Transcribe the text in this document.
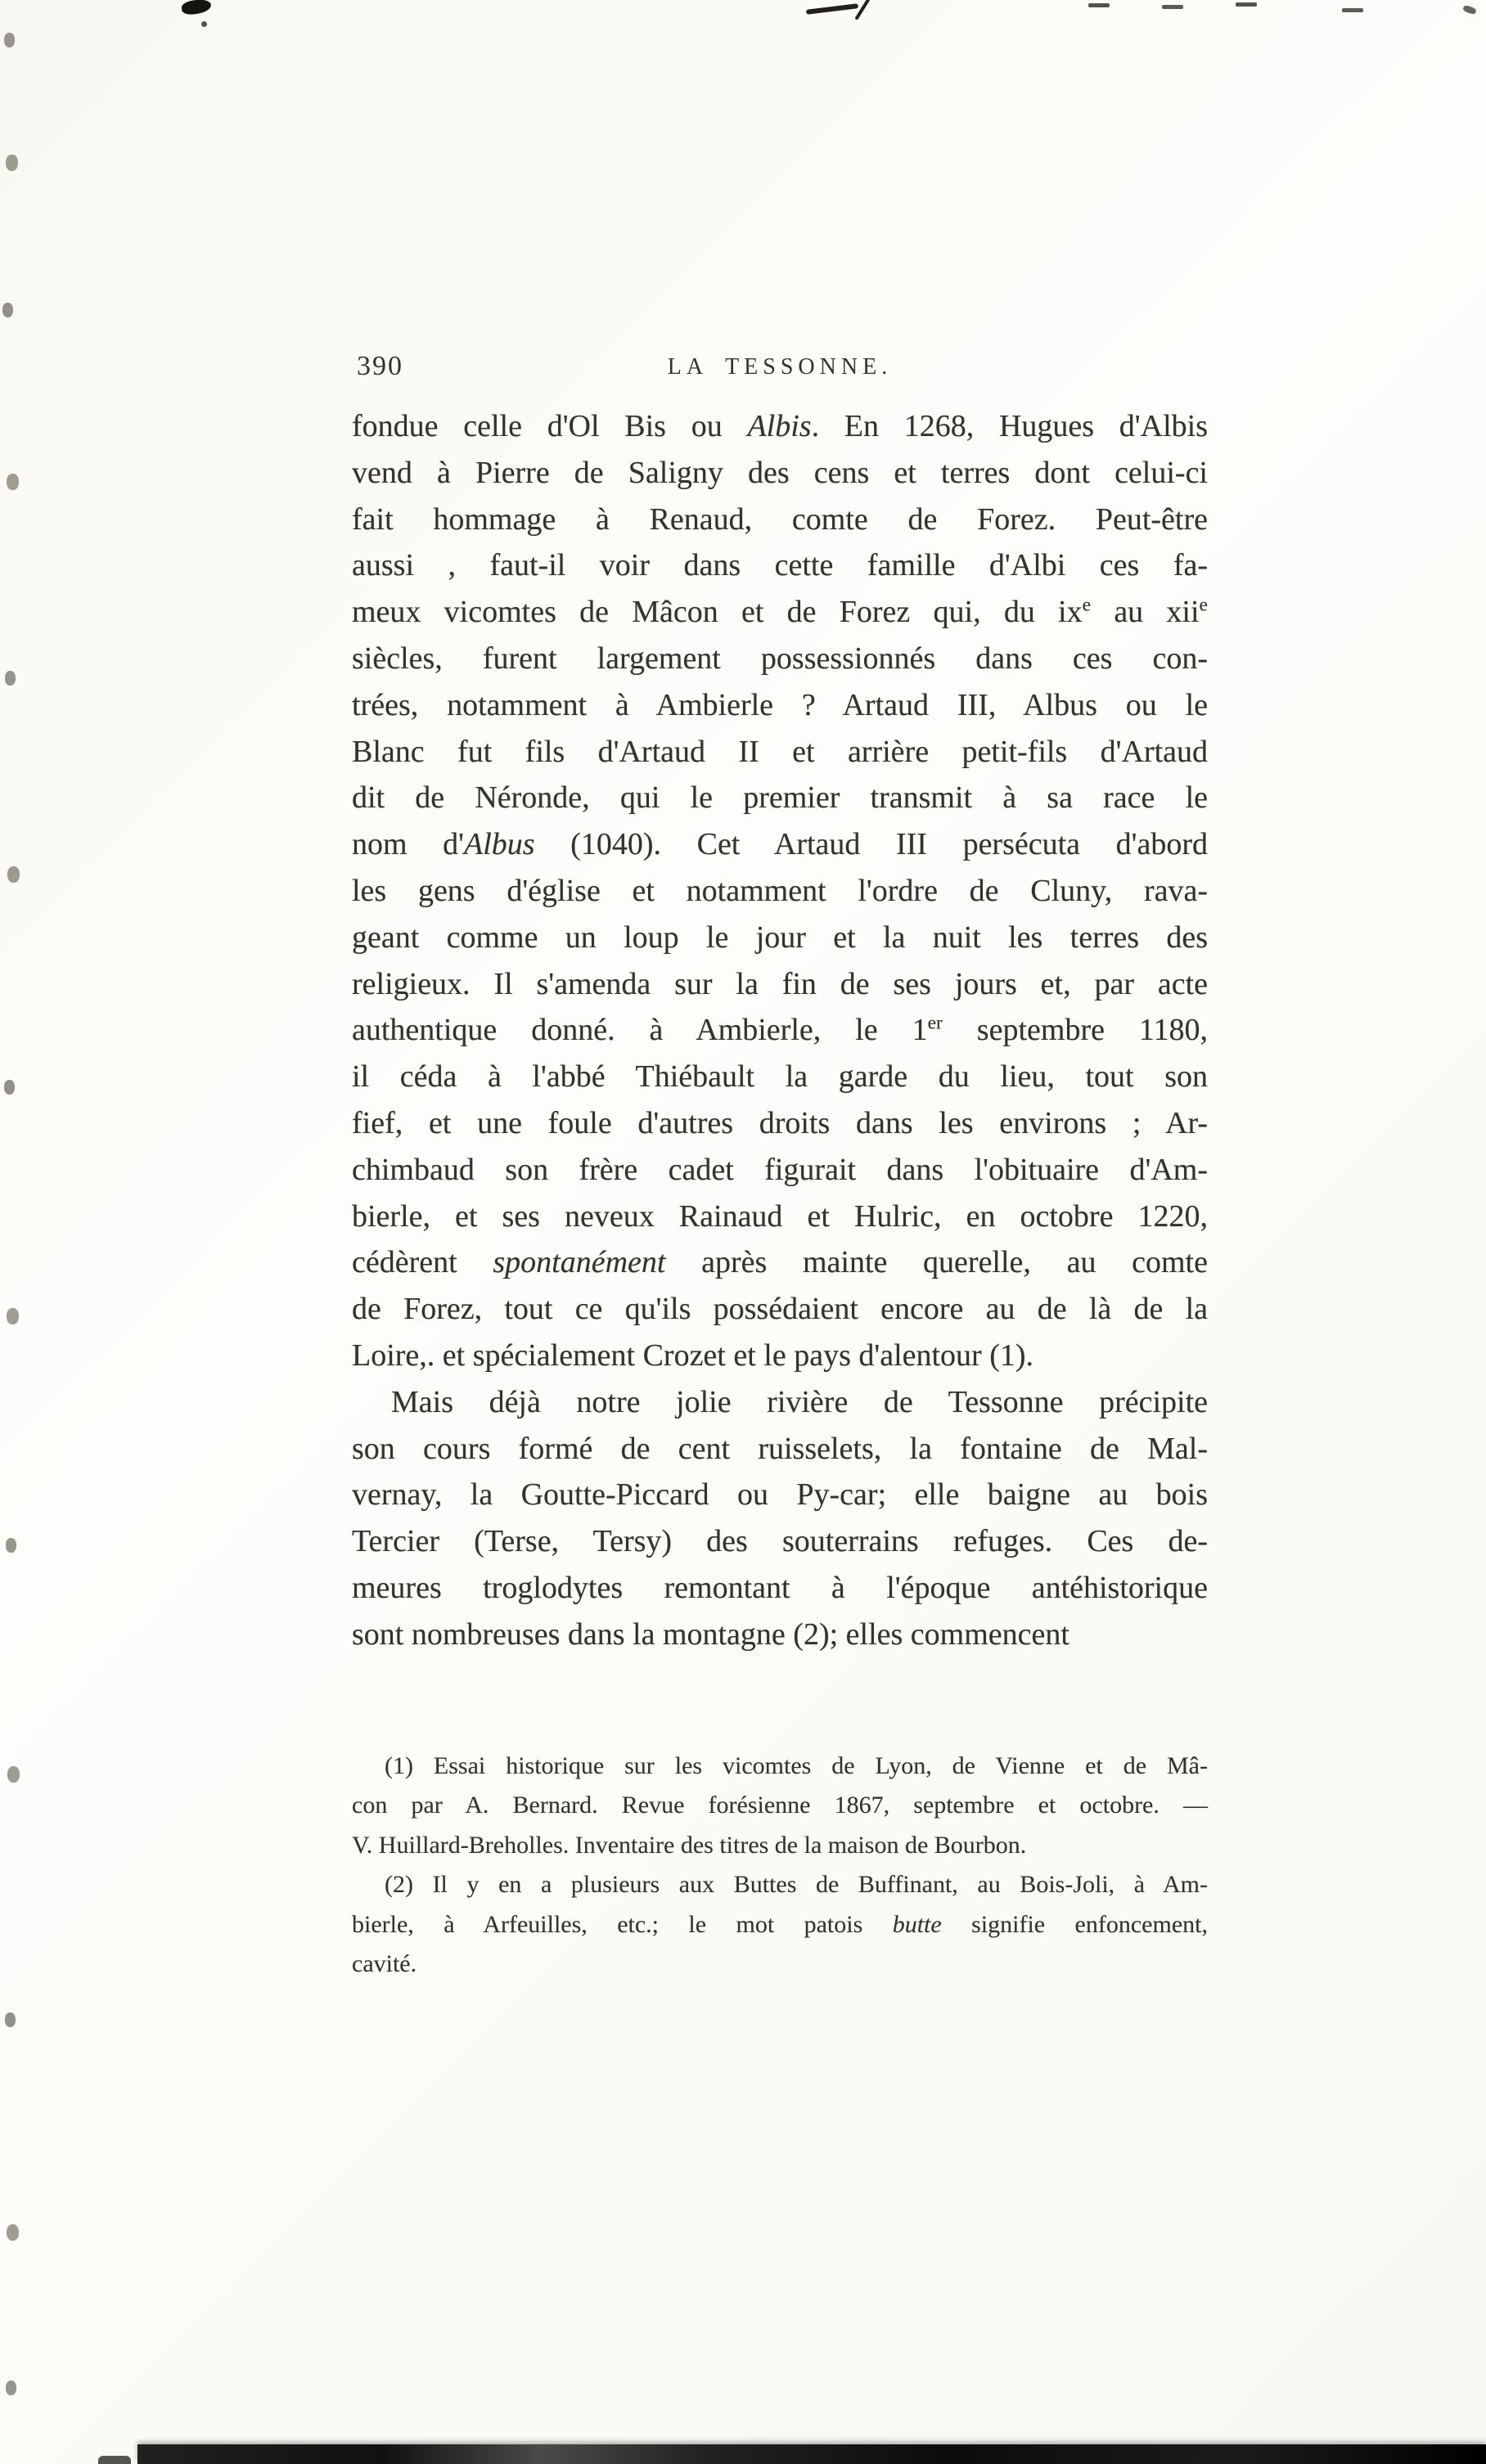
390	LA TESSONNE.
fondue celle d'Ol Bis ou Albis. En 1268, Hugues d'Albis
vend à Pierre de Saligny des cens et terres dont celui-ci
fait hommage à Renaud, comte de Forez. Peut-être
aussi , faut-il voir dans cette famille d'Albi ces fa-
meux vicomtes de Mâcon et de Forez qui, du $ix^e$ au xii$^e$
siècles, furent largement possessionnés dans ces con-
trées, notamment à Ambierle ? Artaud III, Albus ou le
Blanc fut fils d'Artaud II et arrière petit-fils d'Artaud
dit de Néronde, qui le premier transmit à sa race le
nom d'Albus (1040). Cet Artaud III persécuta d'abord
les gens d'église et notamment l'ordre de Cluny, rava-
geant comme un loup le jour et la nuit les terres des
religieux. Il s'amenda sur la fin de ses jours et, par acte
authentique donné. à Ambierle, le 1er septembre 1180,
il céda à l'abbé Thiébault la garde du lieu, tout son
fief, et une foule d'autres droits dans les environs ; Ar-
chimbaud son frère cadet figurait dans l'obituaire d'Am-
bierle, et ses neveux Rainaud et Hulric, en octobre 1220,
cédèrent spontanément après mainte querelle, au comte
de Forez, tout ce qu'ils possédaient encore au de là de la
Loire,. et spécialement Crozet et le pays d'alentour (1).
Mais déjà notre jolie rivière de Tessonne précipite
son cours formé de cent ruisselets, la fontaine de Mal-
vernay, la Goutte-Piccard ou Py-car; elle baigne au bois
Tercier (Terse, Tersy) des souterrains refuges. Ces de-
meures troglodytes remontant à l'époque antéhistorique
sont nombreuses dans la montagne (2); elles commencent
(1) Essai historique sur les vicomtes de Lyon, de Vienne et de Mâ-
con par A. Bernard. Revue forésienne 1867, septembre et octobre. —
V. Huillard-Breholles. Inventaire des titres de la maison de Bourbon.
(2) Il y en a plusieurs aux Buttes de Buffinant, au Bois-Joli, à Am-
bierle, à Arfeuilles, etc.; le mot patois butte signifie enfoncement,
cavité.
